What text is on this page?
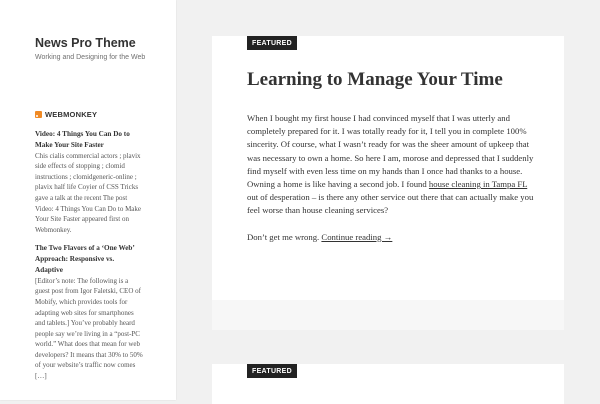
News Pro Theme
Working and Designing for the Web
WEBMONKEY
Video: 4 Things You Can Do to Make Your Site Faster
Chis cialis commercial actors ; plavix side effects of stopping ; clomid instructions ; clomidgeneric-online ; plavix half life Coyier of CSS Tricks gave a talk at the recent The post Video: 4 Things You Can Do to Make Your Site Faster appeared first on Webmonkey.
The Two Flavors of a ‘One Web’ Approach: Responsive vs. Adaptive
[Editor’s note: The following is a guest post from Igor Faletski, CEO of Mobify, which provides tools for adapting web sites for smartphones and tablets.] You’ve probably heard people say we’re living in a “post-PC world.” What does that mean for web developers? It means that 30% to 50% of your website’s traffic now comes […]
FEATURED
Learning to Manage Your Time

When I bought my first house I had convinced myself that I was utterly and completely prepared for it. I was totally ready for it, I tell you in complete 100% sincerity. Of course, what I wasn’t ready for was the sheer amount of upkeep that was necessary to own a home. So here I am, morose and depressed that I suddenly find myself with even less time on my hands than I once had thanks to a house. Owning a home is like having a second job. I found house cleaning in Tampa FL out of desperation – is there any other service out there that can actually make you feel worse than house cleaning services?

Don’t get me wrong. Continue reading →

FEATURED
